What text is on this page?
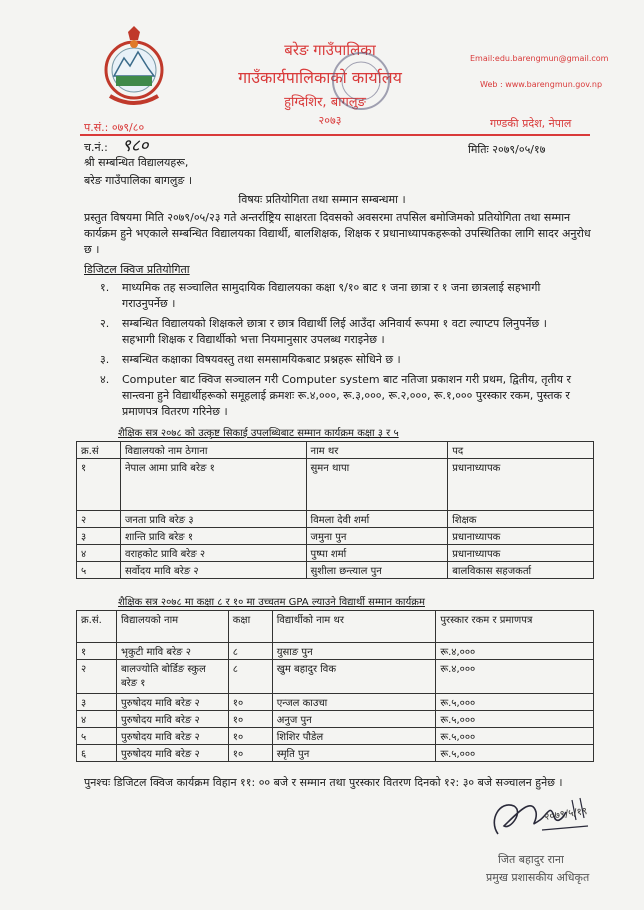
बरेङ गाउँपालिका
गाउँकार्यपालिकाको कार्यालय
हुग्दिशिर, बागलुङ
२०७३
Email:edu.barengmun@gmail.com
Web : www.barengmun.gov.np
प.सं.: ०७९/८०	गण्डकी प्रदेश, नेपाल
च.नं.: ९८०	मितिः २०७९/०५/१७
श्री सम्बन्धित विद्यालयहरू,
बरेङ गाउँपालिका बागलुङ ।
विषयः प्रतियोगिता तथा सम्मान सम्बन्धमा ।
प्रस्तुत विषयमा मिति २०७९/०५/२३ गते अन्तर्राष्ट्रिय साक्षरता दिवसको अवसरमा तपसिल बमोजिमको प्रतियोगिता तथा सम्मान कार्यक्रम हुने भएकाले सम्बन्धित विद्यालयका विद्यार्थी, बालशिक्षक, शिक्षक र प्रधानाध्यापकहरूको उपस्थितिका लागि सादर अनुरोध छ ।
डिजिटल क्विज प्रतियोगिता
१. माध्यमिक तह सञ्चालित सामुदायिक विद्यालयका कक्षा ९/१० बाट १ जना छात्रा र १ जना छात्रलाई सहभागी गराउनुपर्नेछ ।
२. सम्बन्धित विद्यालयको शिक्षकले छात्रा र छात्र विद्यार्थी लिई आउँदा अनिवार्य रूपमा १ वटा ल्याप्टप लिनुपर्नेछ । सहभागी शिक्षक र विद्यार्थीको भत्ता नियमानुसार उपलब्ध गराइनेछ ।
३. सम्बन्धित कक्षाका विषयवस्तु तथा समसामयिकबाट प्रश्नहरू सोधिने छ ।
४. Computer बाट क्विज सञ्चालन गरी Computer system बाट नतिजा प्रकाशन गरी प्रथम, द्वितीय, तृतीय र सान्त्वना हुने विद्यार्थीहरूको समूहलाई क्रमशः रू.४,०००, रू.३,०००, रू.२,०००, रू.१,००० पुरस्कार रकम, पुस्तक र प्रमाणपत्र वितरण गरिनेछ ।
शैक्षिक सत्र २०७८ को उत्कृष्ट सिकाई उपलब्धिबाट सम्मान कार्यक्रम कक्षा ३ र ५
क्र.सं	विद्यालयको नाम ठेगाना	नाम थर	पद
१	नेपाल आमा प्रावि बरेङ १	सुमन थापा	प्रधानाध्यापक
२	जनता प्रावि बरेङ ३	विमला देवी शर्मा	शिक्षक
३	शान्ति प्रावि बरेङ १	जमुना पुन	प्रधानाध्यापक
४	वराहकोट प्रावि बरेङ २	पुष्पा शर्मा	प्रधानाध्यापक
५	सर्वोदय मावि बरेङ २	सुशीला छन्त्याल पुन	बालविकास सहजकर्ता
शैक्षिक सत्र २०७८ मा कक्षा ८ र १० मा उच्चतम GPA ल्याउने विद्यार्थी सम्मान कार्यक्रम
क्र.सं.	विद्यालयको नाम	कक्षा	विद्यार्थीको नाम थर	पुरस्कार रकम र प्रमाणपत्र
१	भृकुटी मावि बरेङ २	८	युसाङ पुन	रू.४,०००
२	बालज्योति बोर्डिङ स्कुल बरेङ १	८	खुम बहादुर विक	रू.४,०००
३	पुरुषोदय मावि बरेङ २	१०	एन्जल काउचा	रू.५,०००
४	पुरुषोदय मावि बरेङ २	१०	अनुज पुन	रू.५,०००
५	पुरुषोदय मावि बरेङ २	१०	शिशिर पौडेल	रू.५,०००
६	पुरुषोदय मावि बरेङ २	१०	स्मृति पुन	रू.५,०००
पुनश्चः डिजिटल क्विज कार्यक्रम विहान ११: ०० बजे र सम्मान तथा पुरस्कार वितरण दिनको १२: ३० बजे सञ्चालन हुनेछ ।
२०७९/५/१९
जित बहादुर राना
प्रमुख प्रशासकीय अधिकृत
